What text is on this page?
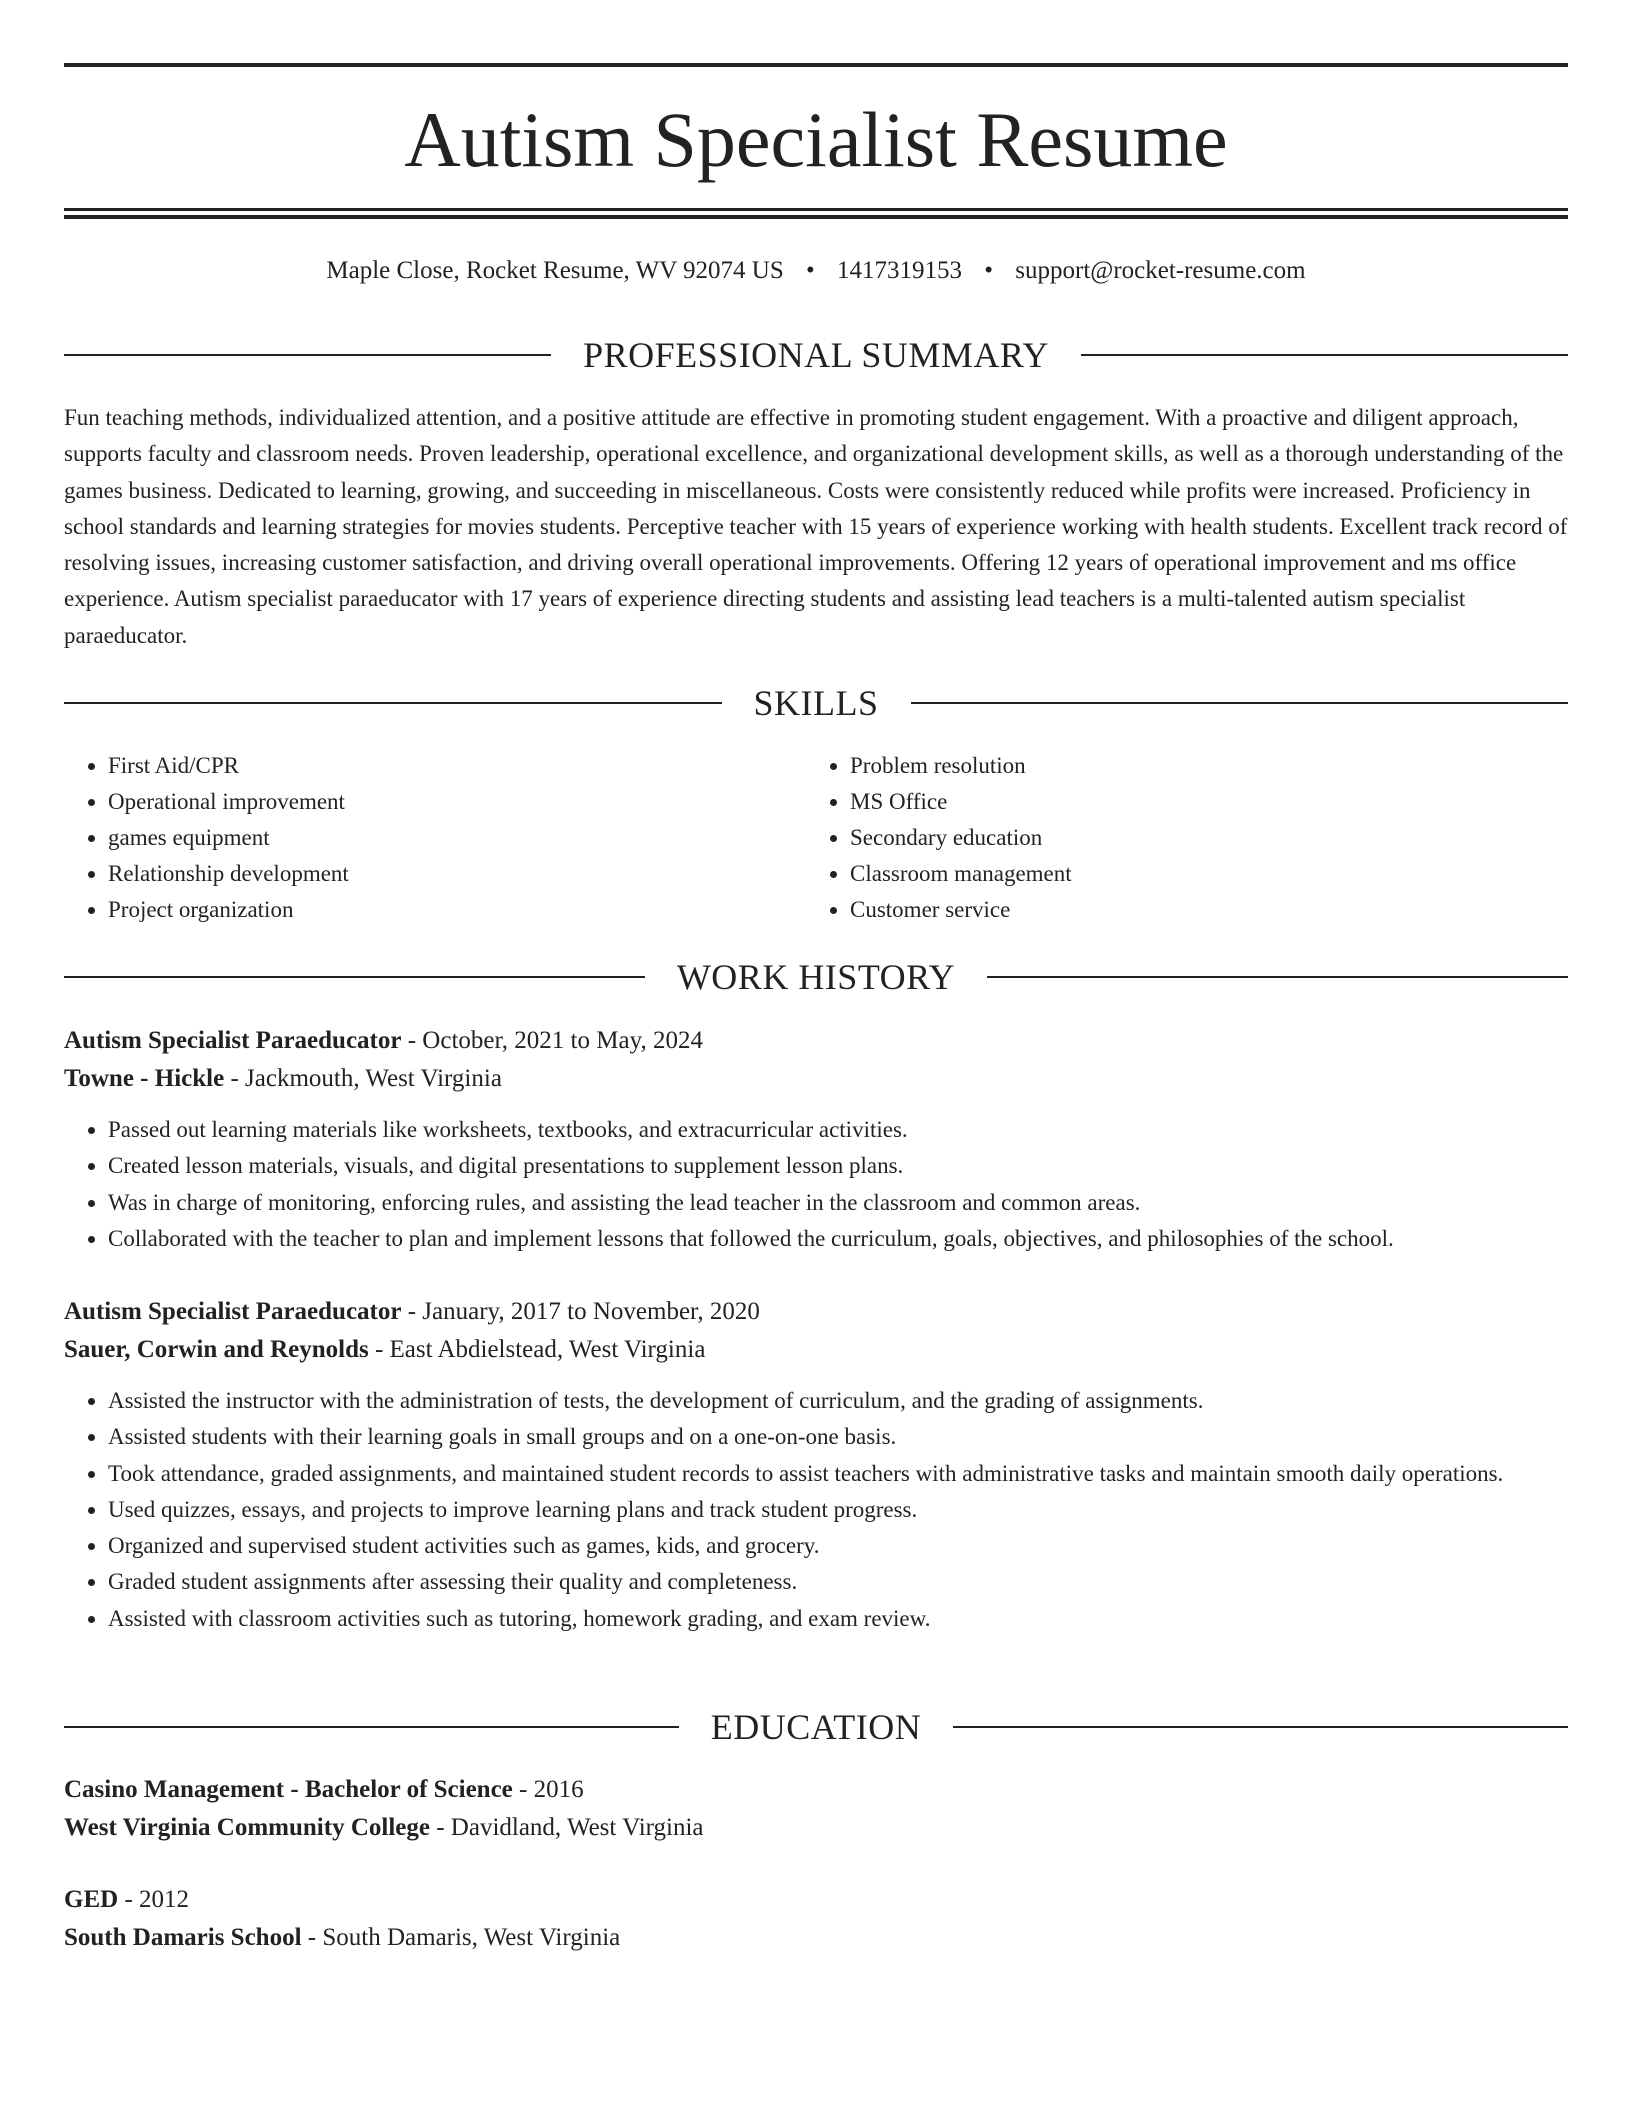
Autism Specialist Resume
Maple Close, Rocket Resume, WV 92074 US • 1417319153 • support@rocket-resume.com
PROFESSIONAL SUMMARY

Fun teaching methods, individualized attention, and a positive attitude are effective in promoting student engagement. With a proactive and diligent approach, supports faculty and classroom needs. Proven leadership, operational excellence, and organizational development skills, as well as a thorough understanding of the games business. Dedicated to learning, growing, and succeeding in miscellaneous. Costs were consistently reduced while profits were increased. Proficiency in school standards and learning strategies for movies students. Perceptive teacher with 15 years of experience working with health students. Excellent track record of resolving issues, increasing customer satisfaction, and driving overall operational improvements. Offering 12 years of operational improvement and ms office experience. Autism specialist paraeducator with 17 years of experience directing students and assisting lead teachers is a multi-talented autism specialist paraeducator.

SKILLS
• First Aid/CPR
• Operational improvement
• games equipment
• Relationship development
• Project organization
• Problem resolution
• MS Office
• Secondary education
• Classroom management
• Customer service
WORK HISTORY
Autism Specialist Paraeducator - October, 2021 to May, 2024
Towne - Hickle - Jackmouth, West Virginia
• Passed out learning materials like worksheets, textbooks, and extracurricular activities.
• Created lesson materials, visuals, and digital presentations to supplement lesson plans.
• Was in charge of monitoring, enforcing rules, and assisting the lead teacher in the classroom and common areas.
• Collaborated with the teacher to plan and implement lessons that followed the curriculum, goals, objectives, and philosophies of the school.
Autism Specialist Paraeducator - January, 2017 to November, 2020
Sauer, Corwin and Reynolds - East Abdielstead, West Virginia
• Assisted the instructor with the administration of tests, the development of curriculum, and the grading of assignments.
• Assisted students with their learning goals in small groups and on a one-on-one basis.
• Took attendance, graded assignments, and maintained student records to assist teachers with administrative tasks and maintain smooth daily operations.
• Used quizzes, essays, and projects to improve learning plans and track student progress.
• Organized and supervised student activities such as games, kids, and grocery.
• Graded student assignments after assessing their quality and completeness.
• Assisted with classroom activities such as tutoring, homework grading, and exam review.
EDUCATION
Casino Management - Bachelor of Science - 2016
West Virginia Community College - Davidland, West Virginia
GED - 2012
South Damaris School - South Damaris, West Virginia
